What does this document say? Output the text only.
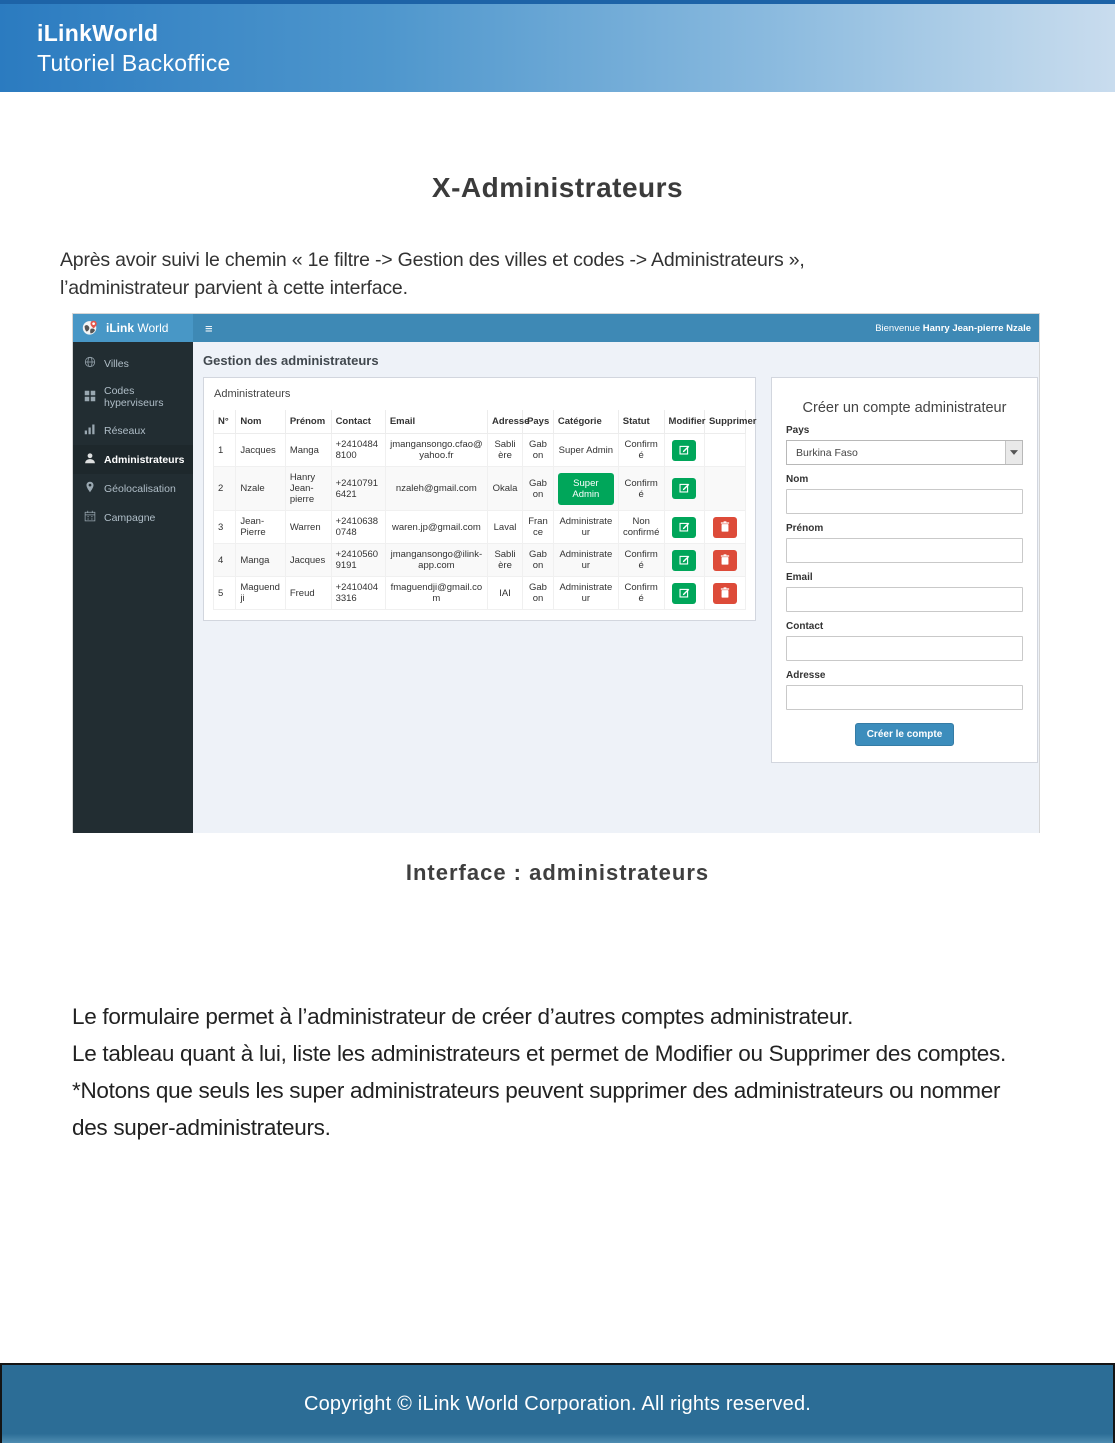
iLinkWorld
Tutoriel Backoffice
X-Administrateurs
Après avoir suivi le chemin « 1e filtre -> Gestion des villes et codes -> Administrateurs »,
l’administrateur parvient à cette interface.
iLink World	≡	Bienvenue Hanry Jean-pierre Nzale
Villes
Codes hyperviseurs
Réseaux
Administrateurs
Géolocalisation
Campagne
Gestion des administrateurs
Administrateurs
N°	Nom	Prénom	Contact	Email	Adresse	Pays	Catégorie	Statut	Modifier	Supprimer
1	Jacques	Manga	+24104848100	jmangansongo.cfao@yahoo.fr	Sablière	Gabon	Super Admin	Confirmé	

2	Nzale	Hanry Jean-pierre	+24107916421	nzaleh@gmail.com	Okala	Gabon	Super Admin	Confirmé	

3	Jean-Pierre	Warren	+24106380748	waren.jp@gmail.com	Laval	France	Administrateur	Non confirmé	

4	Manga	Jacques	+24105609191	jmangansongo@ilink-app.com	Sablière	Gabon	Administrateur	Confirmé	

5	Maguendji	Freud	+24104043316	fmaguendji@gmail.com	IAI	Gabon	Administrateur	Confirmé	

Créer un compte administrateur
Pays
Burkina Faso
Nom
Prénom
Email
Contact
Adresse
Créer le compte
Interface : administrateurs
Le formulaire permet à l’administrateur de créer d’autres comptes administrateur.
Le tableau quant à lui, liste les administrateurs et permet de Modifier ou Supprimer des comptes.
*Notons que seuls les super administrateurs peuvent supprimer des administrateurs ou nommer
des super-administrateurs.
Copyright © iLink World Corporation. All rights reserved.
